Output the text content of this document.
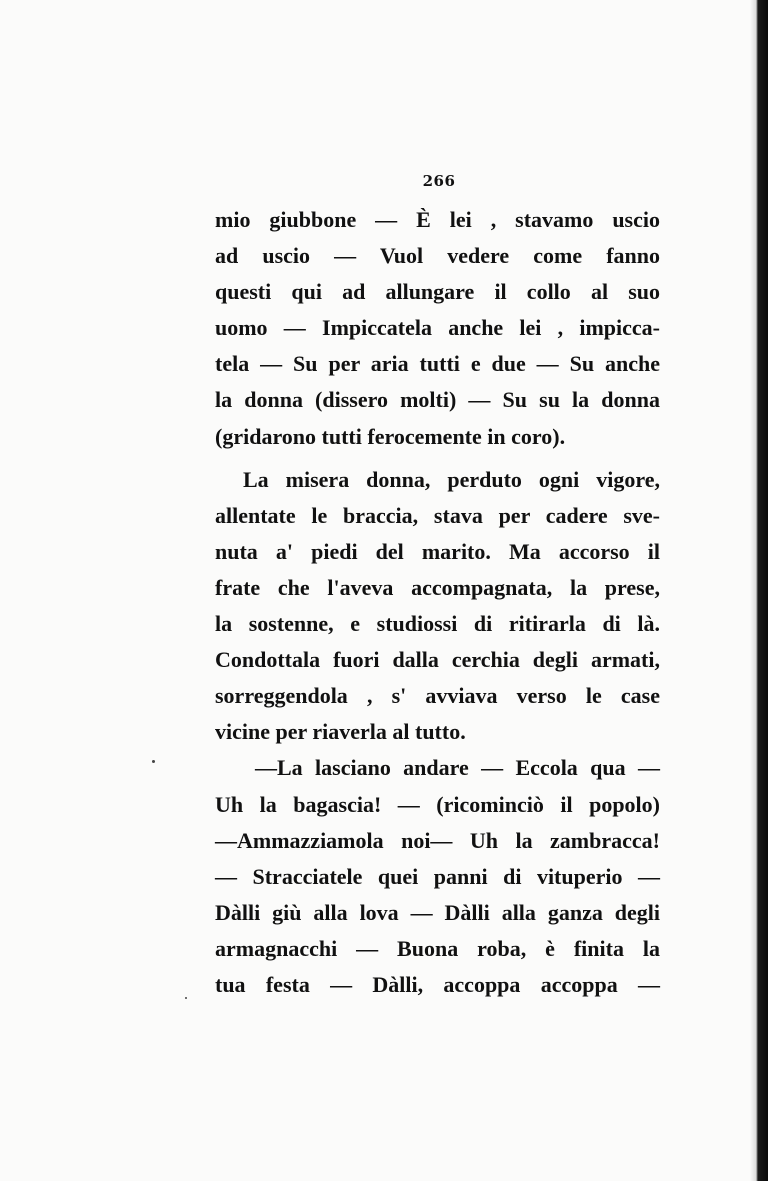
266
mio giubbone — È lei , stavamo uscio
ad uscio — Vuol vedere come fanno
questi qui ad allungare il collo al suo
uomo — Impiccatela anche lei , impicca-
tela — Su per aria tutti e due — Su anche
la donna (dissero molti) — Su su la donna
(gridarono tutti ferocemente in coro).
La misera donna, perduto ogni vigore,
allentate le braccia, stava per cadere sve-
nuta a' piedi del marito. Ma accorso il
frate che l'aveva accompagnata, la prese,
la sostenne, e studiossi di ritirarla di là.
Condottala fuori dalla cerchia degli armati,
sorreggendola , s' avviava verso le case
vicine per riaverla al tutto.
—La lasciano andare — Eccola qua —
Uh la bagascia! — (ricominciò il popolo)
—Ammazziamola noi— Uh la zambracca!
— Stracciatele quei panni di vituperio —
Dàlli giù alla lova — Dàlli alla ganza degli
armagnacchi — Buona roba, è finita la
tua festa — Dàlli, accoppa accoppa —
